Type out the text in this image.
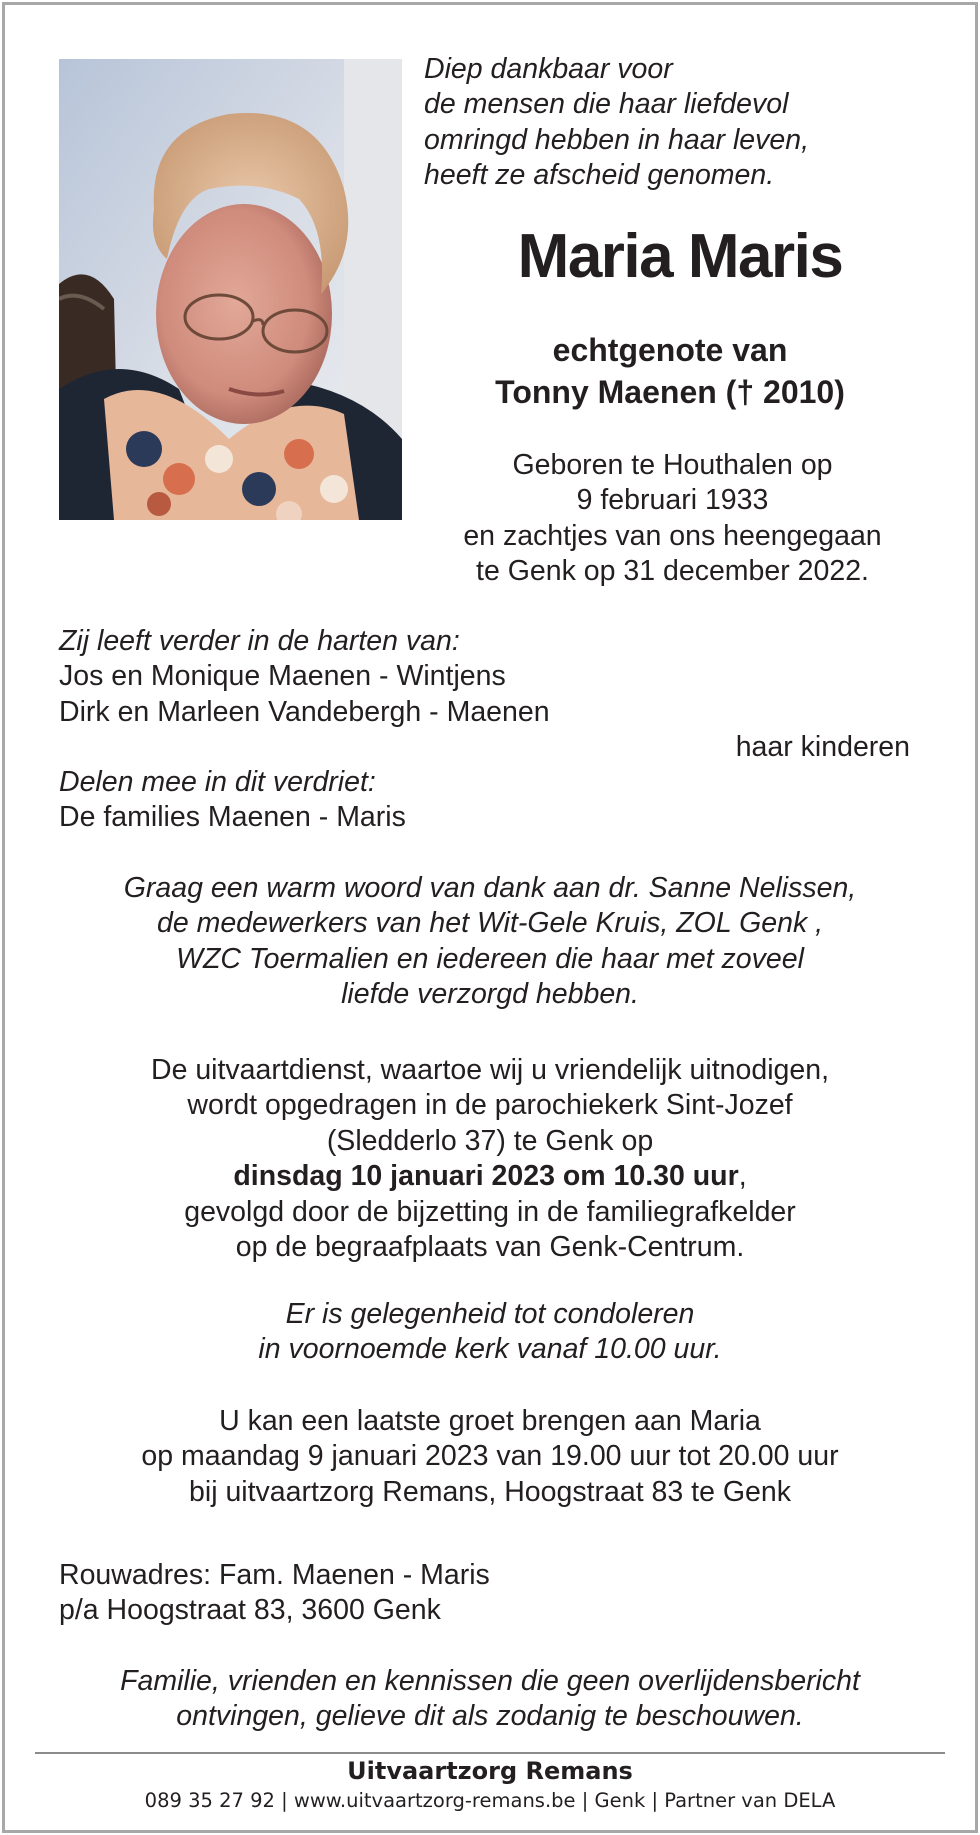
Diep dankbaar voor
de mensen die haar liefdevol
omringd hebben in haar leven,
heeft ze afscheid genomen.
Maria Maris
echtgenote van
Tonny Maenen († 2010)
Geboren te Houthalen op
9 februari 1933
en zachtjes van ons heengegaan
te Genk op 31 december 2022.
Zij leeft verder in de harten van:
Jos en Monique Maenen - Wintjens
Dirk en Marleen Vandebergh - Maenen
haar kinderen
Delen mee in dit verdriet:
De families Maenen - Maris
Graag een warm woord van dank aan dr. Sanne Nelissen,
de medewerkers van het Wit-Gele Kruis, ZOL Genk ,
WZC Toermalien en iedereen die haar met zoveel
liefde verzorgd hebben.
De uitvaartdienst, waartoe wij u vriendelijk uitnodigen,
wordt opgedragen in de parochiekerk Sint-Jozef
(Sledderlo 37) te Genk op
dinsdag 10 januari 2023 om 10.30 uur,
gevolgd door de bijzetting in de familiegrafkelder
op de begraafplaats van Genk-Centrum.
Er is gelegenheid tot condoleren
in voornoemde kerk vanaf 10.00 uur.
U kan een laatste groet brengen aan Maria
op maandag 9 januari 2023 van 19.00 uur tot 20.00 uur
bij uitvaartzorg Remans, Hoogstraat 83 te Genk
Rouwadres: Fam. Maenen - Maris
p/a Hoogstraat 83, 3600 Genk
Familie, vrienden en kennissen die geen overlijdensbericht
ontvingen, gelieve dit als zodanig te beschouwen.
Uitvaartzorg Remans
089 35 27 92 | www.uitvaartzorg-remans.be | Genk | Partner van DELA
